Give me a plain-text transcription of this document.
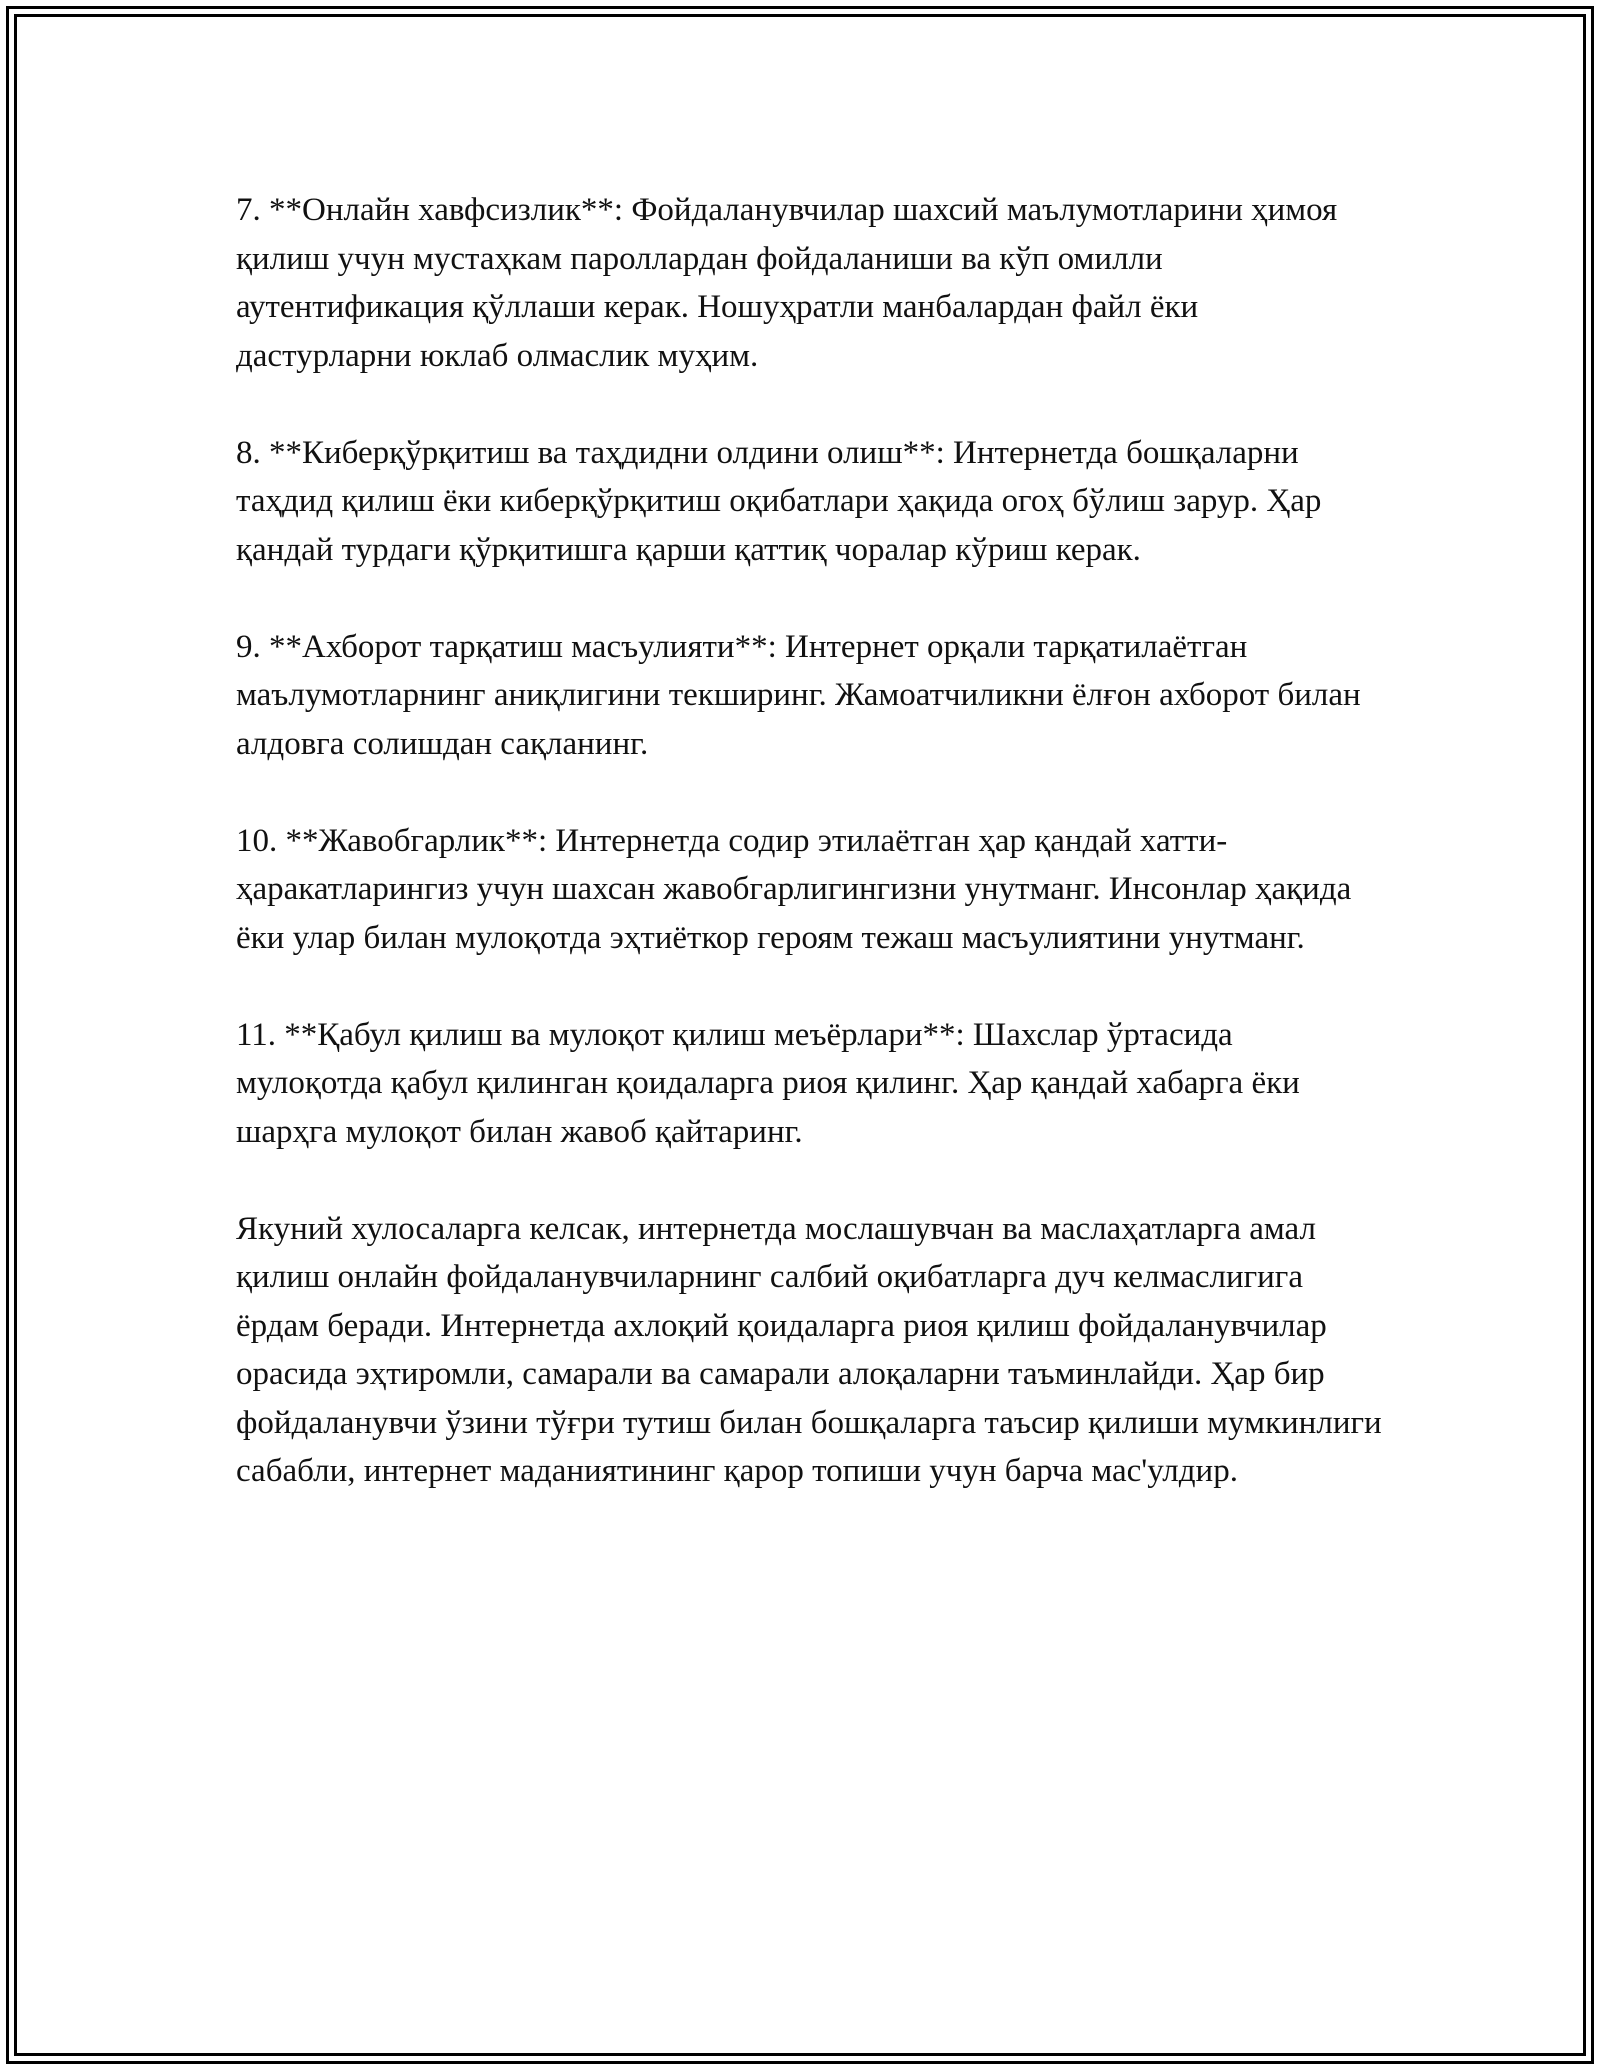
7. **Онлайн хавфсизлик**: Фойдаланувчилар шахсий маълумотларини ҳимоя қилиш учун мустаҳкам пароллардан фойдаланиши ва кўп омилли аутентификация қўллаши керак. Ношуҳратли манбалардан файл ёки дастурларни юклаб олмаслик муҳим.

8. **Киберқўрқитиш ва таҳдидни олдини олиш**: Интернетда бошқаларни таҳдид қилиш ёки киберқўрқитиш оқибатлари ҳақида огоҳ бўлиш зарур. Ҳар қандай турдаги қўрқитишга қарши қаттиқ чоралар кўриш керак.

9. **Ахборот тарқатиш масъулияти**: Интернет орқали тарқатилаётган маълумотларнинг аниқлигини текширинг. Жамоатчиликни ёлғон ахборот билан алдовга солишдан сақланинг.

10. **Жавобгарлик**: Интернетда содир этилаётган ҳар қандай хатти-ҳаракатларингиз учун шахсан жавобгарлигингизни унутманг. Инсонлар ҳақида ёки улар билан мулоқотда эҳтиёткор героям тежаш масъулиятини унутманг.

11. **Қабул қилиш ва мулоқот қилиш меъёрлари**: Шахслар ўртасида мулоқотда қабул қилинган қоидаларга риоя қилинг. Ҳар қандай хабарга ёки шарҳга мулоқот билан жавоб қайтаринг.

Якуний хулосаларга келсак, интернетда мослашувчан ва маслаҳатларга амал қилиш онлайн фойдаланувчиларнинг салбий оқибатларга дуч келмаслигига ёрдам беради. Интернетда ахлоқий қоидаларга риоя қилиш фойдаланувчилар орасида эҳтиромли, самарали ва самарали алоқаларни таъминлайди. Ҳар бир фойдаланувчи ўзини тўғри тутиш билан бошқаларга таъсир қилиши мумкинлиги сабабли, интернет маданиятининг қарор топиши учун барча мас'улдир.
